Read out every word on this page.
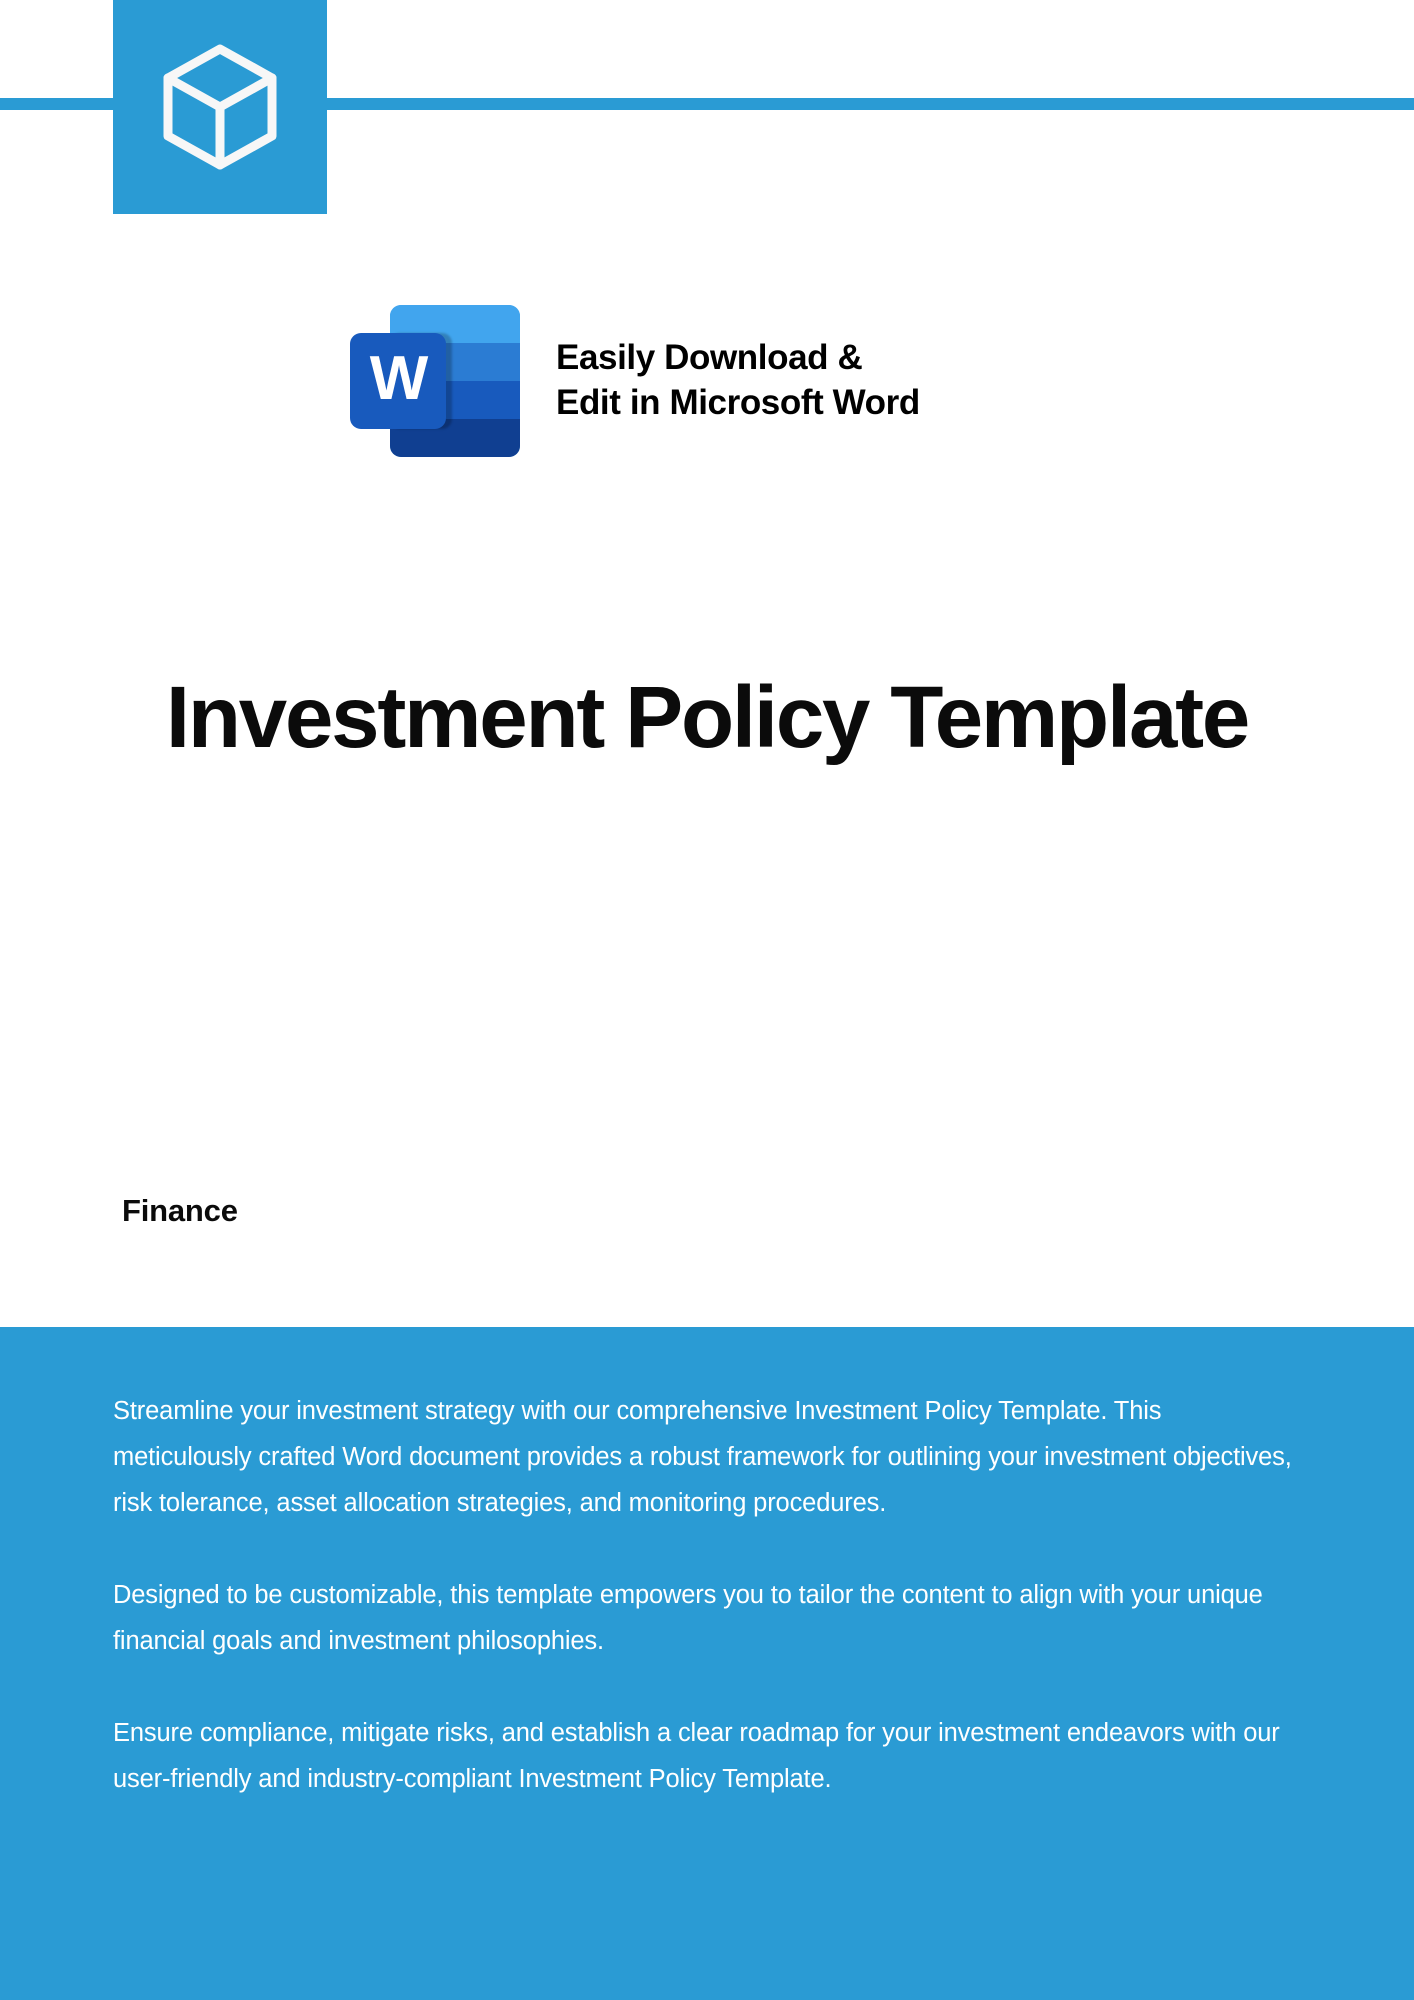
W	Easily Download &
Edit in Microsoft Word
Investment Policy Template
Finance

Streamline your investment strategy with our comprehensive Investment Policy Template. This meticulously crafted Word document provides a robust framework for outlining your investment objectives, risk tolerance, asset allocation strategies, and monitoring procedures.

Designed to be customizable, this template empowers you to tailor the content to align with your unique financial goals and investment philosophies.

Ensure compliance, mitigate risks, and establish a clear roadmap for your investment endeavors with our user-friendly and industry-compliant Investment Policy Template.
